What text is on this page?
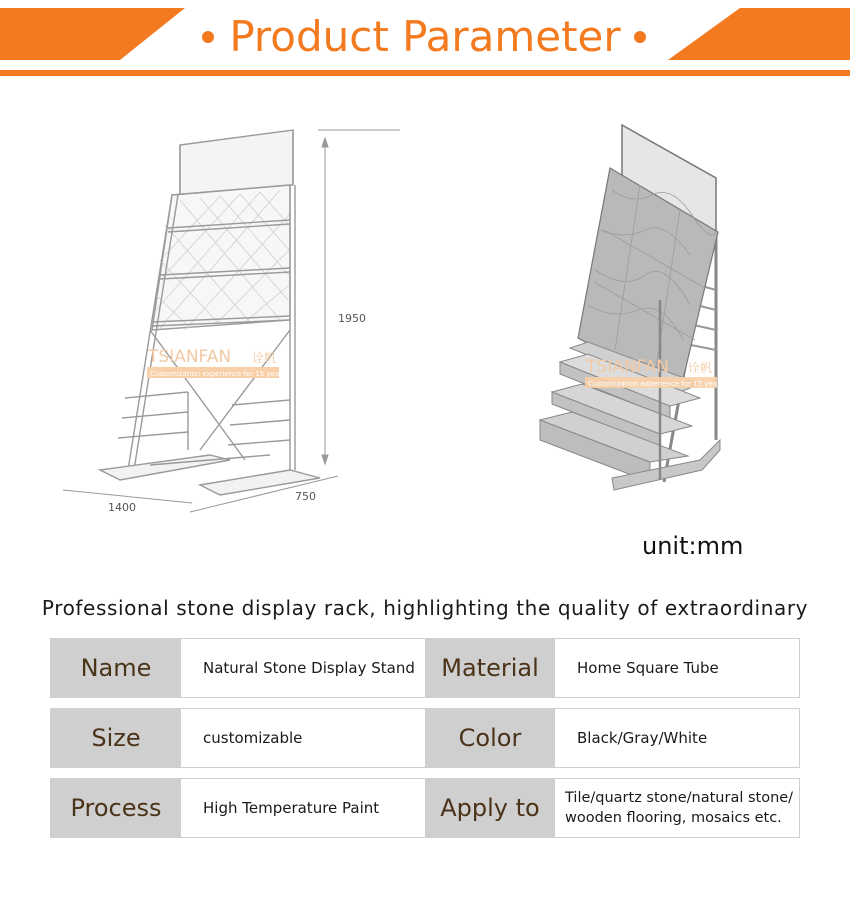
Product Parameter
1950
1400
750
TSIANFAN 诠帆
Customization experience for 15 years	TSIANFAN 诠帆
Customization experience for 15 years
unit:mm
Professional stone display rack, highlighting the quality of extraordinary
Name	Natural Stone Display Stand	Material	Home Square Tube
Size	customizable	Color	Black/Gray/White
Process	High Temperature Paint	Apply to	Tile/quartz stone/natural stone/ wooden flooring, mosaics etc.
